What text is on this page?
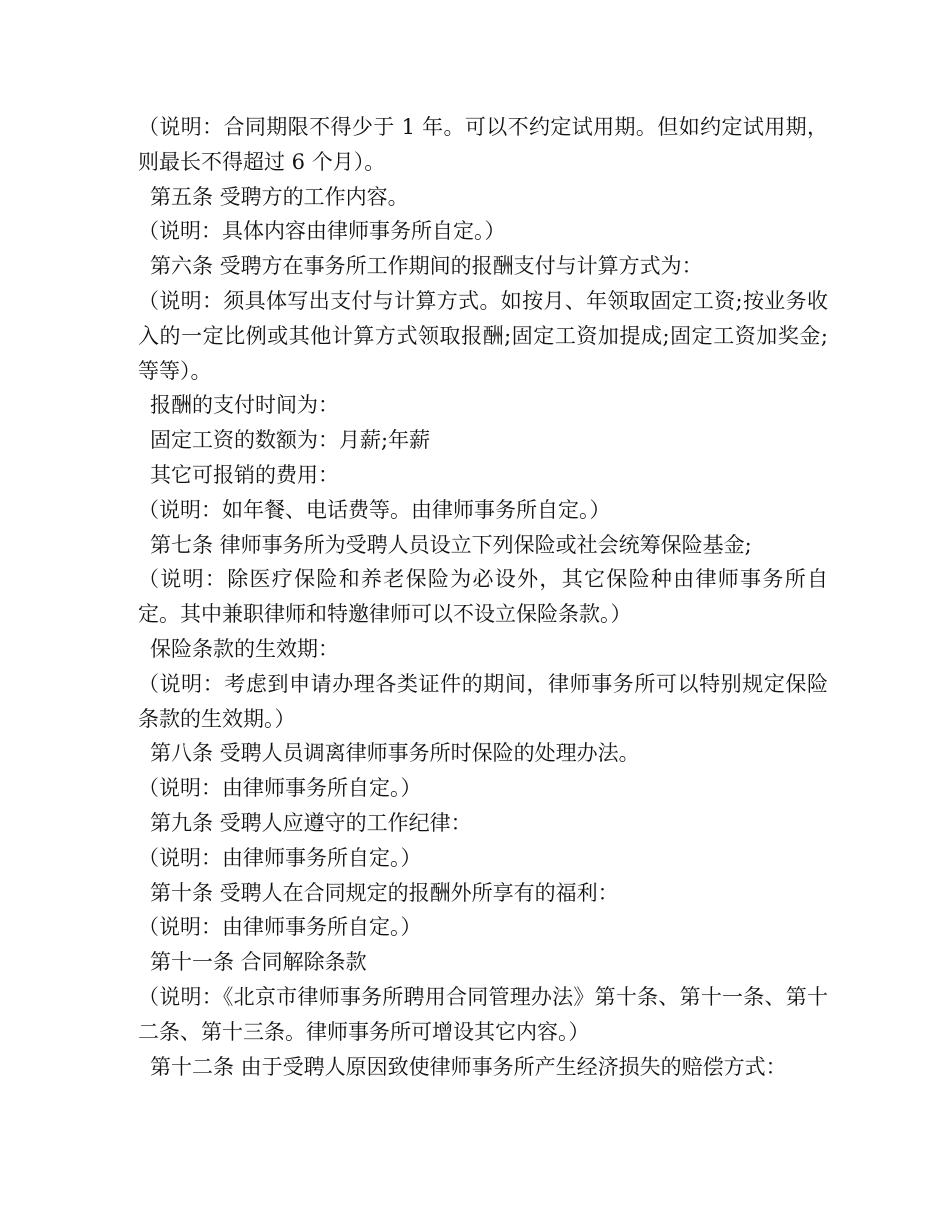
（说明：合同期限不得少于 1 年。可以不约定试用期。但如约定试用期，则最长不得超过 6 个月）。

第五条 受聘方的工作内容。

（说明：具体内容由律师事务所自定。）

第六条 受聘方在事务所工作期间的报酬支付与计算方式为：

（说明：须具体写出支付与计算方式。如按月、年领取固定工资;按业务收入的一定比例或其他计算方式领取报酬;固定工资加提成;固定工资加奖金;等等）。

报酬的支付时间为：

固定工资的数额为：月薪;年薪

其它可报销的费用：

（说明：如年餐、电话费等。由律师事务所自定。）

第七条 律师事务所为受聘人员设立下列保险或社会统筹保险基金;

（说明：除医疗保险和养老保险为必设外，其它保险种由律师事务所自定。其中兼职律师和特邀律师可以不设立保险条款。）

保险条款的生效期：

（说明：考虑到申请办理各类证件的期间，律师事务所可以特别规定保险条款的生效期。）

第八条 受聘人员调离律师事务所时保险的处理办法。

（说明：由律师事务所自定。）

第九条 受聘人应遵守的工作纪律：

（说明：由律师事务所自定。）

第十条 受聘人在合同规定的报酬外所享有的福利：

（说明：由律师事务所自定。）

第十一条 合同解除条款

（说明：《北京市律师事务所聘用合同管理办法》第十条、第十一条、第十二条、第十三条。律师事务所可增设其它内容。）

第十二条 由于受聘人原因致使律师事务所产生经济损失的赔偿方式：
